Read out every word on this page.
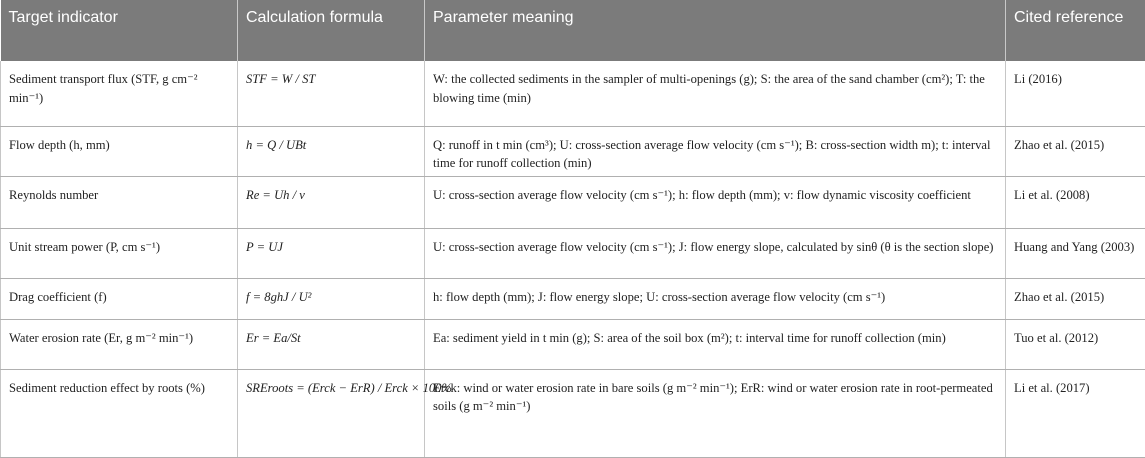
Target indicator	Calculation formula	Parameter meaning	Cited reference
Sediment transport flux (STF, g cm⁻² min⁻¹)	STF = W / ST	W: the collected sediments in the sampler of multi-openings (g); S: the area of the sand chamber (cm²); T: the blowing time (min)	Li (2016)
Flow depth (h, mm)	h = Q / UBt	Q: runoff in t min (cm³); U: cross-section average flow velocity (cm s⁻¹); B: cross-section width m); t: interval time for runoff collection (min)	Zhao et al. (2015)
Reynolds number	Re = Uh / v	U: cross-section average flow velocity (cm s⁻¹); h: flow depth (mm); v: flow dynamic viscosity coefficient	Li et al. (2008)
Unit stream power (P, cm s⁻¹)	P = UJ	U: cross-section average flow velocity (cm s⁻¹); J: flow energy slope, calculated by sinθ (θ is the section slope)	Huang and Yang (2003)
Drag coefficient (f)	f = 8ghJ / U²	h: flow depth (mm); J: flow energy slope; U: cross-section average flow velocity (cm s⁻¹)	Zhao et al. (2015)
Water erosion rate (Er, g m⁻² min⁻¹)	Er = Ea/St	Ea: sediment yield in t min (g); S: area of the soil box (m²); t: interval time for runoff collection (min)	Tuo et al. (2012)
Sediment reduction effect by roots (%)	SREroots = (Erck − ErR) / Erck × 100%	Erck: wind or water erosion rate in bare soils (g m⁻² min⁻¹); ErR: wind or water erosion rate in root-permeated soils (g m⁻² min⁻¹)	Li et al. (2017)
